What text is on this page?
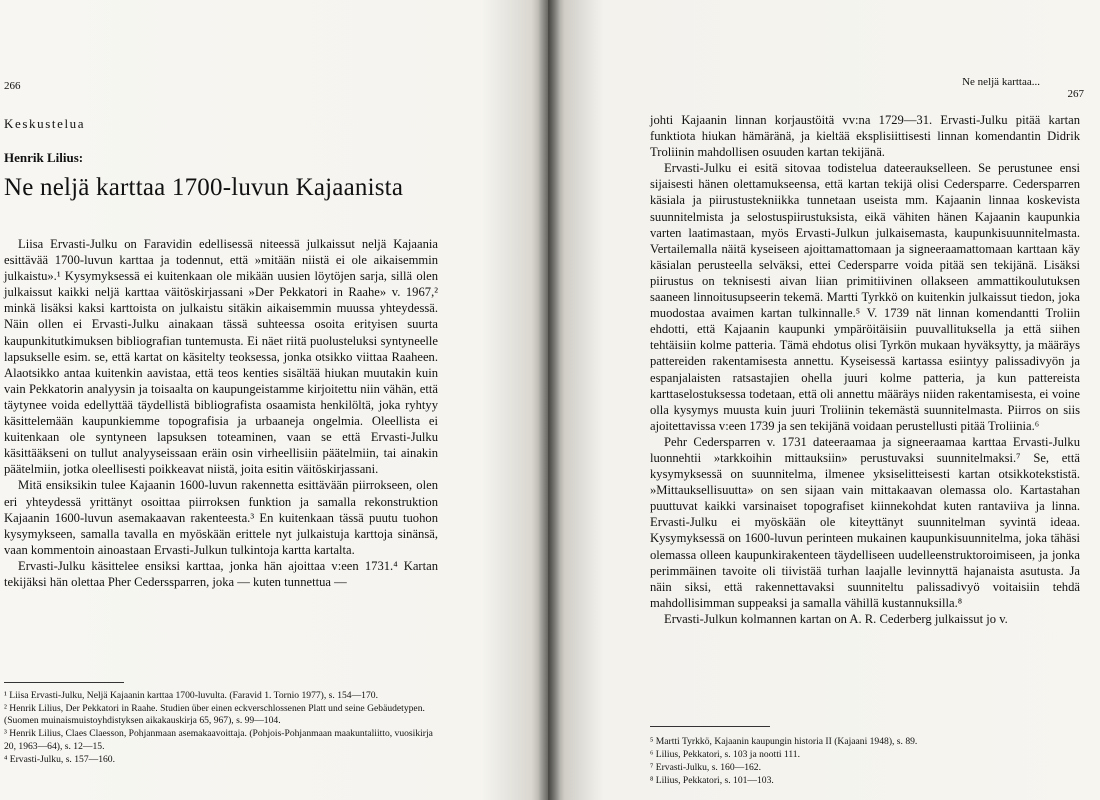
266
Keskustelua
Henrik Lilius:
Ne neljä karttaa 1700-luvun Kajaanista

Liisa Ervasti-Julku on Faravidin edellisessä niteessä julkaissut neljä Kajaania esittävää 1700-luvun karttaa ja todennut, että »mitään niistä ei ole aikaisemmin julkaistu».¹ Kysymyksessä ei kuitenkaan ole mikään uusien löytöjen sarja, sillä olen julkaissut kaikki neljä karttaa väitöskirjassani »Der Pekkatori in Raahe» v. 1967,² minkä lisäksi kaksi karttoista on julkaistu sitäkin aikaisemmin muussa yhteydessä. Näin ollen ei Ervasti-Julku ainakaan tässä suhteessa osoita erityisen suurta kaupunkitutkimuksen bibliografian tuntemusta. Ei näet riitä puolusteluksi syntyneelle lapsukselle esim. se, että kartat on käsitelty teoksessa, jonka otsikko viittaa Raaheen. Alaotsikko antaa kuitenkin aavistaa, että teos kenties sisältää hiukan muutakin kuin vain Pekkatorin analyysin ja toisaalta on kaupungeistamme kirjoitettu niin vähän, että täytynee voida edellyttää täydellistä bibliografista osaamista henkilöltä, joka ryhtyy käsittelemään kaupunkiemme topografisia ja urbaaneja ongelmia. Oleellista ei kuitenkaan ole syntyneen lapsuksen toteaminen, vaan se että Ervasti-Julku käsittääkseni on tullut analyyseissaan eräin osin virheellisiin päätelmiin, tai ainakin päätelmiin, jotka oleellisesti poikkeavat niistä, joita esitin väitöskirjassani.

Mitä ensiksikin tulee Kajaanin 1600-luvun rakennetta esittävään piirrokseen, olen eri yhteydessä yrittänyt osoittaa piirroksen funktion ja samalla rekonstruktion Kajaanin 1600-luvun asemakaavan rakenteesta.³ En kuitenkaan tässä puutu tuohon kysymykseen, samalla tavalla en myöskään erittele nyt julkaistuja karttoja sinänsä, vaan kommentoin ainoastaan Ervasti-Julkun tulkintoja kartta kartalta.

Ervasti-Julku käsittelee ensiksi karttaa, jonka hän ajoittaa v:een 1731.⁴ Kartan tekijäksi hän olettaa Pher Cederssparren, joka — kuten tunnettua —

¹ Liisa Ervasti-Julku, Neljä Kajaanin karttaa 1700-luvulta. (Faravid 1. Tornio 1977), s. 154—170.
² Henrik Lilius, Der Pekkatori in Raahe. Studien über einen eckverschlossenen Platt und seine Gebäudetypen. (Suomen muinaismuistoyhdistyksen aikakauskirja 65, 967), s. 99—104.
³ Henrik Lilius, Claes Claesson, Pohjanmaan asemakaavoittaja. (Pohjois-Pohjanmaan maakuntaliitto, vuosikirja 20, 1963—64), s. 12—15.
⁴ Ervasti-Julku, s. 157—160.
Ne neljä karttaa...
267

johti Kajaanin linnan korjaustöitä vv:na 1729—31. Ervasti-Julku pitää kartan funktiota hiukan hämäränä, ja kieltää eksplisiittisesti linnan komendantin Didrik Troliinin mahdollisen osuuden kartan tekijänä.

Ervasti-Julku ei esitä sitovaa todistelua dateeraukselleen. Se perustunee ensi sijaisesti hänen olettamukseensa, että kartan tekijä olisi Cedersparre. Cedersparren käsiala ja piirustustekniikka tunnetaan useista mm. Kajaanin linnaa koskevista suunnitelmista ja selostuspiirustuksista, eikä vähiten hänen Kajaanin kaupunkia varten laatimastaan, myös Ervasti-Julkun julkaisemasta, kaupunkisuunnitelmasta. Vertailemalla näitä kyseiseen ajoittamattomaan ja signeeraamattomaan karttaan käy käsialan perusteella selväksi, ettei Cedersparre voida pitää sen tekijänä. Lisäksi piirustus on teknisesti aivan liian primitiivinen ollakseen ammattikoulutuksen saaneen linnoitusupseerin tekemä. Martti Tyrkkö on kuitenkin julkaissut tiedon, joka muodostaa avaimen kartan tulkinnalle.⁵ V. 1739 nät linnan komendantti Troliin ehdotti, että Kajaanin kaupunki ympäröitäisiin puuvallituksella ja että siihen tehtäisiin kolme patteria. Tämä ehdotus olisi Tyrkön mukaan hyväksytty, ja määräys pattereiden rakentamisesta annettu. Kyseisessä kartassa esiintyy palissadivyön ja espanjalaisten ratsastajien ohella juuri kolme patteria, ja kun pattereista karttaselostuksessa todetaan, että oli annettu määräys niiden rakentamisesta, ei voine olla kysymys muusta kuin juuri Troliinin tekemästä suunnitelmasta. Piirros on siis ajoitettavissa v:een 1739 ja sen tekijänä voidaan perustellusti pitää Troliinia.⁶

Pehr Cedersparren v. 1731 dateeraamaa ja signeeraamaa karttaa Ervasti-Julku luonnehtii »tarkkoihin mittauksiin» perustuvaksi suunnitelmaksi.⁷ Se, että kysymyksessä on suunnitelma, ilmenee yksiselitteisesti kartan otsikkotekstistä. »Mittauksellisuutta» on sen sijaan vain mittakaavan olemassa olo. Kartastahan puuttuvat kaikki varsinaiset topografiset kiinnekohdat kuten rantaviiva ja linna. Ervasti-Julku ei myöskään ole kiteyttänyt suunnitelman syvintä ideaa. Kysymyksessä on 1600-luvun perinteen mukainen kaupunkisuunnitelma, joka tähäsi olemassa olleen kaupunkirakenteen täydelliseen uudelleenstruktoroimiseen, ja jonka perimmäinen tavoite oli tiivistää turhan laajalle levinnyttä hajanaista asutusta. Ja näin siksi, että rakennettavaksi suunniteltu palissadivyö voitaisiin tehdä mahdollisimman suppeaksi ja samalla vähillä kustannuksilla.⁸

Ervasti-Julkun kolmannen kartan on A. R. Cederberg julkaissut jo v.

⁵ Martti Tyrkkö, Kajaanin kaupungin historia II (Kajaani 1948), s. 89.
⁶ Lilius, Pekkatori, s. 103 ja nootti 111.
⁷ Ervasti-Julku, s. 160—162.
⁸ Lilius, Pekkatori, s. 101—103.
